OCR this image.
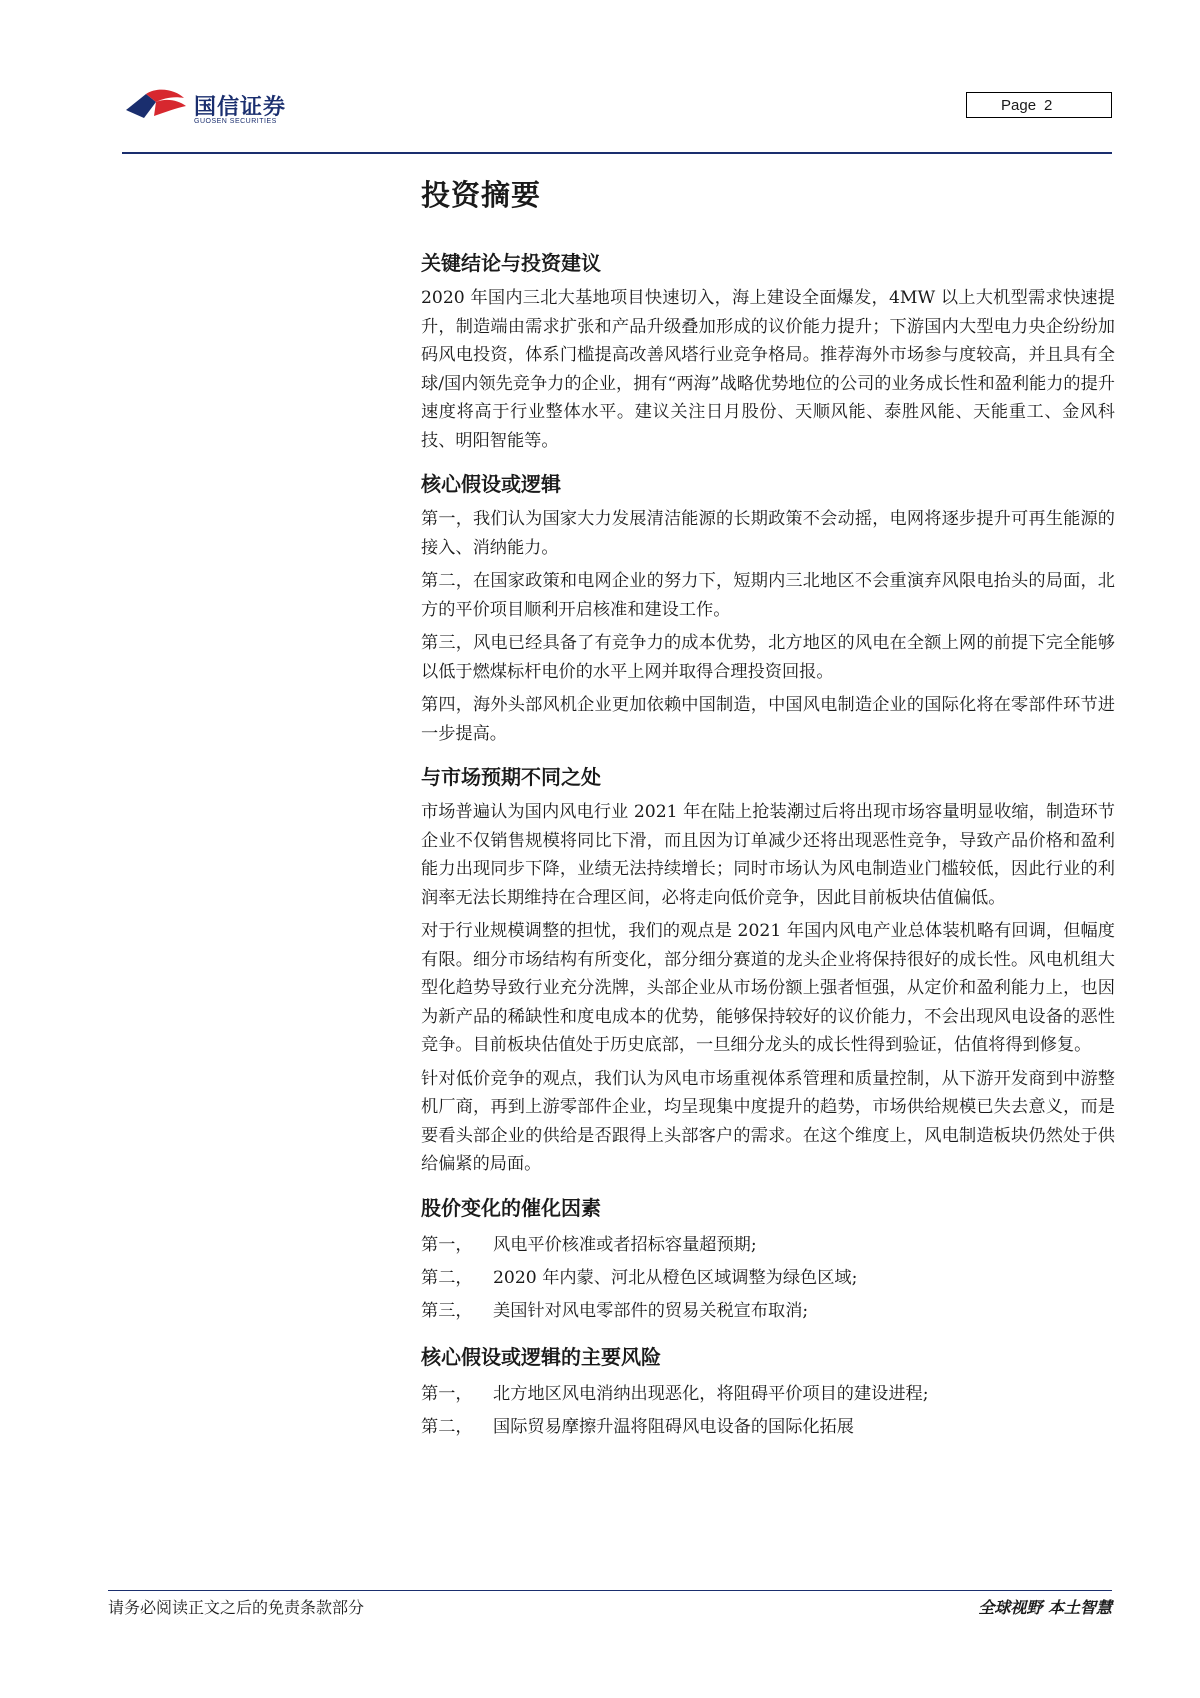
国信证券
GUOSEN SECURITIES
Page 2
投资摘要
关键结论与投资建议

2020 年国内三北大基地项目快速切入，海上建设全面爆发，4MW 以上大机型需求快速提升，制造端由需求扩张和产品升级叠加形成的议价能力提升；下游国内大型电力央企纷纷加码风电投资，体系门槛提高改善风塔行业竞争格局。推荐海外市场参与度较高，并且具有全球/国内领先竞争力的企业，拥有“两海”战略优势地位的公司的业务成长性和盈利能力的提升速度将高于行业整体水平。建议关注日月股份、天顺风能、泰胜风能、天能重工、金风科技、明阳智能等。

核心假设或逻辑

第一，我们认为国家大力发展清洁能源的长期政策不会动摇，电网将逐步提升可再生能源的接入、消纳能力。

第二，在国家政策和电网企业的努力下，短期内三北地区不会重演弃风限电抬头的局面，北方的平价项目顺利开启核准和建设工作。

第三，风电已经具备了有竞争力的成本优势，北方地区的风电在全额上网的前提下完全能够以低于燃煤标杆电价的水平上网并取得合理投资回报。

第四，海外头部风机企业更加依赖中国制造，中国风电制造企业的国际化将在零部件环节进一步提高。

与市场预期不同之处

市场普遍认为国内风电行业 2021 年在陆上抢装潮过后将出现市场容量明显收缩，制造环节企业不仅销售规模将同比下滑，而且因为订单减少还将出现恶性竞争，导致产品价格和盈利能力出现同步下降，业绩无法持续增长；同时市场认为风电制造业门槛较低，因此行业的利润率无法长期维持在合理区间，必将走向低价竞争，因此目前板块估值偏低。

对于行业规模调整的担忧，我们的观点是 2021 年国内风电产业总体装机略有回调，但幅度有限。细分市场结构有所变化，部分细分赛道的龙头企业将保持很好的成长性。风电机组大型化趋势导致行业充分洗牌，头部企业从市场份额上强者恒强，从定价和盈利能力上，也因为新产品的稀缺性和度电成本的优势，能够保持较好的议价能力，不会出现风电设备的恶性竞争。目前板块估值处于历史底部，一旦细分龙头的成长性得到验证，估值将得到修复。

针对低价竞争的观点，我们认为风电市场重视体系管理和质量控制，从下游开发商到中游整机厂商，再到上游零部件企业，均呈现集中度提升的趋势，市场供给规模已失去意义，而是要看头部企业的供给是否跟得上头部客户的需求。在这个维度上，风电制造板块仍然处于供给偏紧的局面。

股价变化的催化因素
第一，	风电平价核准或者招标容量超预期;
第二，	2020 年内蒙、河北从橙色区域调整为绿色区域;
第三，	美国针对风电零部件的贸易关税宣布取消;
核心假设或逻辑的主要风险
第一，	北方地区风电消纳出现恶化，将阻碍平价项目的建设进程;
第二，	国际贸易摩擦升温将阻碍风电设备的国际化拓展
请务必阅读正文之后的免责条款部分	全球视野 本土智慧
